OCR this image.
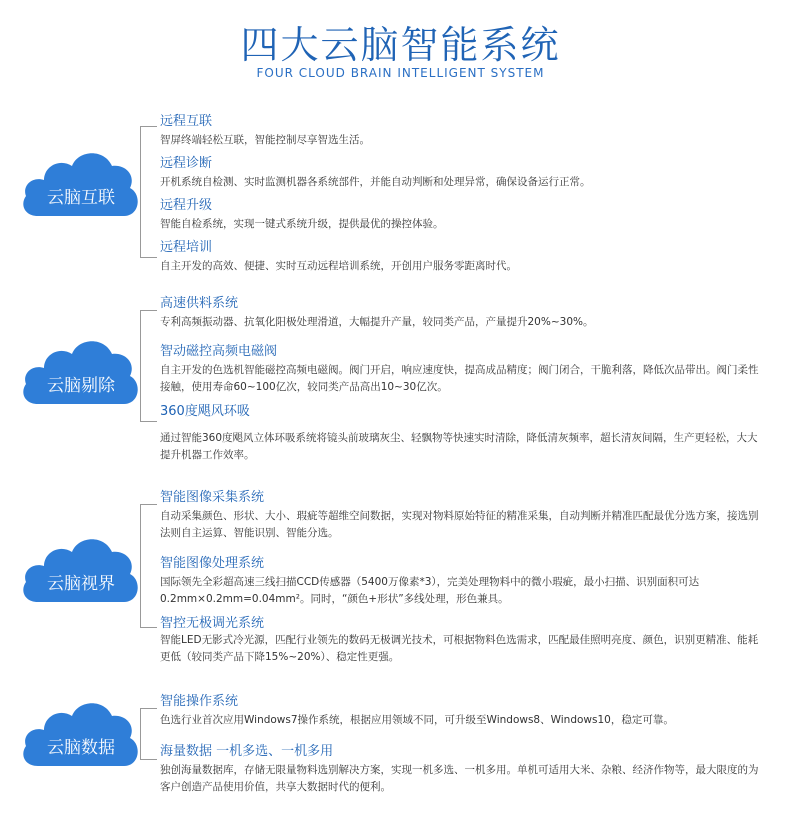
四大云脑智能系统
FOUR CLOUD BRAIN INTELLIGENT SYSTEM
云脑互联
远程互联
智屏终端轻松互联，智能控制尽享智选生活。
远程诊断
开机系统自检测、实时监测机器各系统部件，并能自动判断和处理异常，确保设备运行正常。
远程升级
智能自检系统，实现一键式系统升级，提供最优的操控体验。
远程培训
自主开发的高效、便捷、实时互动远程培训系统，开创用户服务零距离时代。
云脑剔除
高速供料系统
专利高频振动器、抗氧化阳极处理滑道，大幅提升产量，较同类产品，产量提升20%~30%。
智动磁控高频电磁阀
自主开发的色选机智能磁控高频电磁阀。阀门开启，响应速度快，提高成品精度；阀门闭合，干脆利落，降低次品带出。阀门柔性接触，使用寿命60~100亿次，较同类产品高出10~30亿次。
360度飓风环吸
通过智能360度飓风立体环吸系统将镜头前玻璃灰尘、轻飘物等快速实时清除，降低清灰频率，超长清灰间隔，生产更轻松，大大提升机器工作效率。
云脑视界
智能图像采集系统
自动采集颜色、形状、大小、瑕疵等超维空间数据，实现对物料原始特征的精准采集，自动判断并精准匹配最优分选方案，接选别法则自主运算、智能识别、智能分选。
智能图像处理系统
国际领先全彩超高速三线扫描CCD传感器（5400万像素*3），完美处理物料中的微小瑕疵，最小扫描、识别面积可达0.2mm×0.2mm=0.04mm²。同时，“颜色+形状”多线处理，形色兼具。
智控无极调光系统
智能LED无影式冷光源，匹配行业领先的数码无极调光技术，可根据物料色选需求，匹配最佳照明亮度、颜色，识别更精准、能耗更低（较同类产品下降15%~20%）、稳定性更强。
云脑数据
智能操作系统
色选行业首次应用Windows7操作系统，根据应用领域不同，可升级至Windows8、Windows10，稳定可靠。
海量数据 一机多选、一机多用
独创海量数据库，存储无限量物料选别解决方案，实现一机多选、一机多用。单机可适用大米、杂粮、经济作物等，最大限度的为客户创造产品使用价值，共享大数据时代的便利。
